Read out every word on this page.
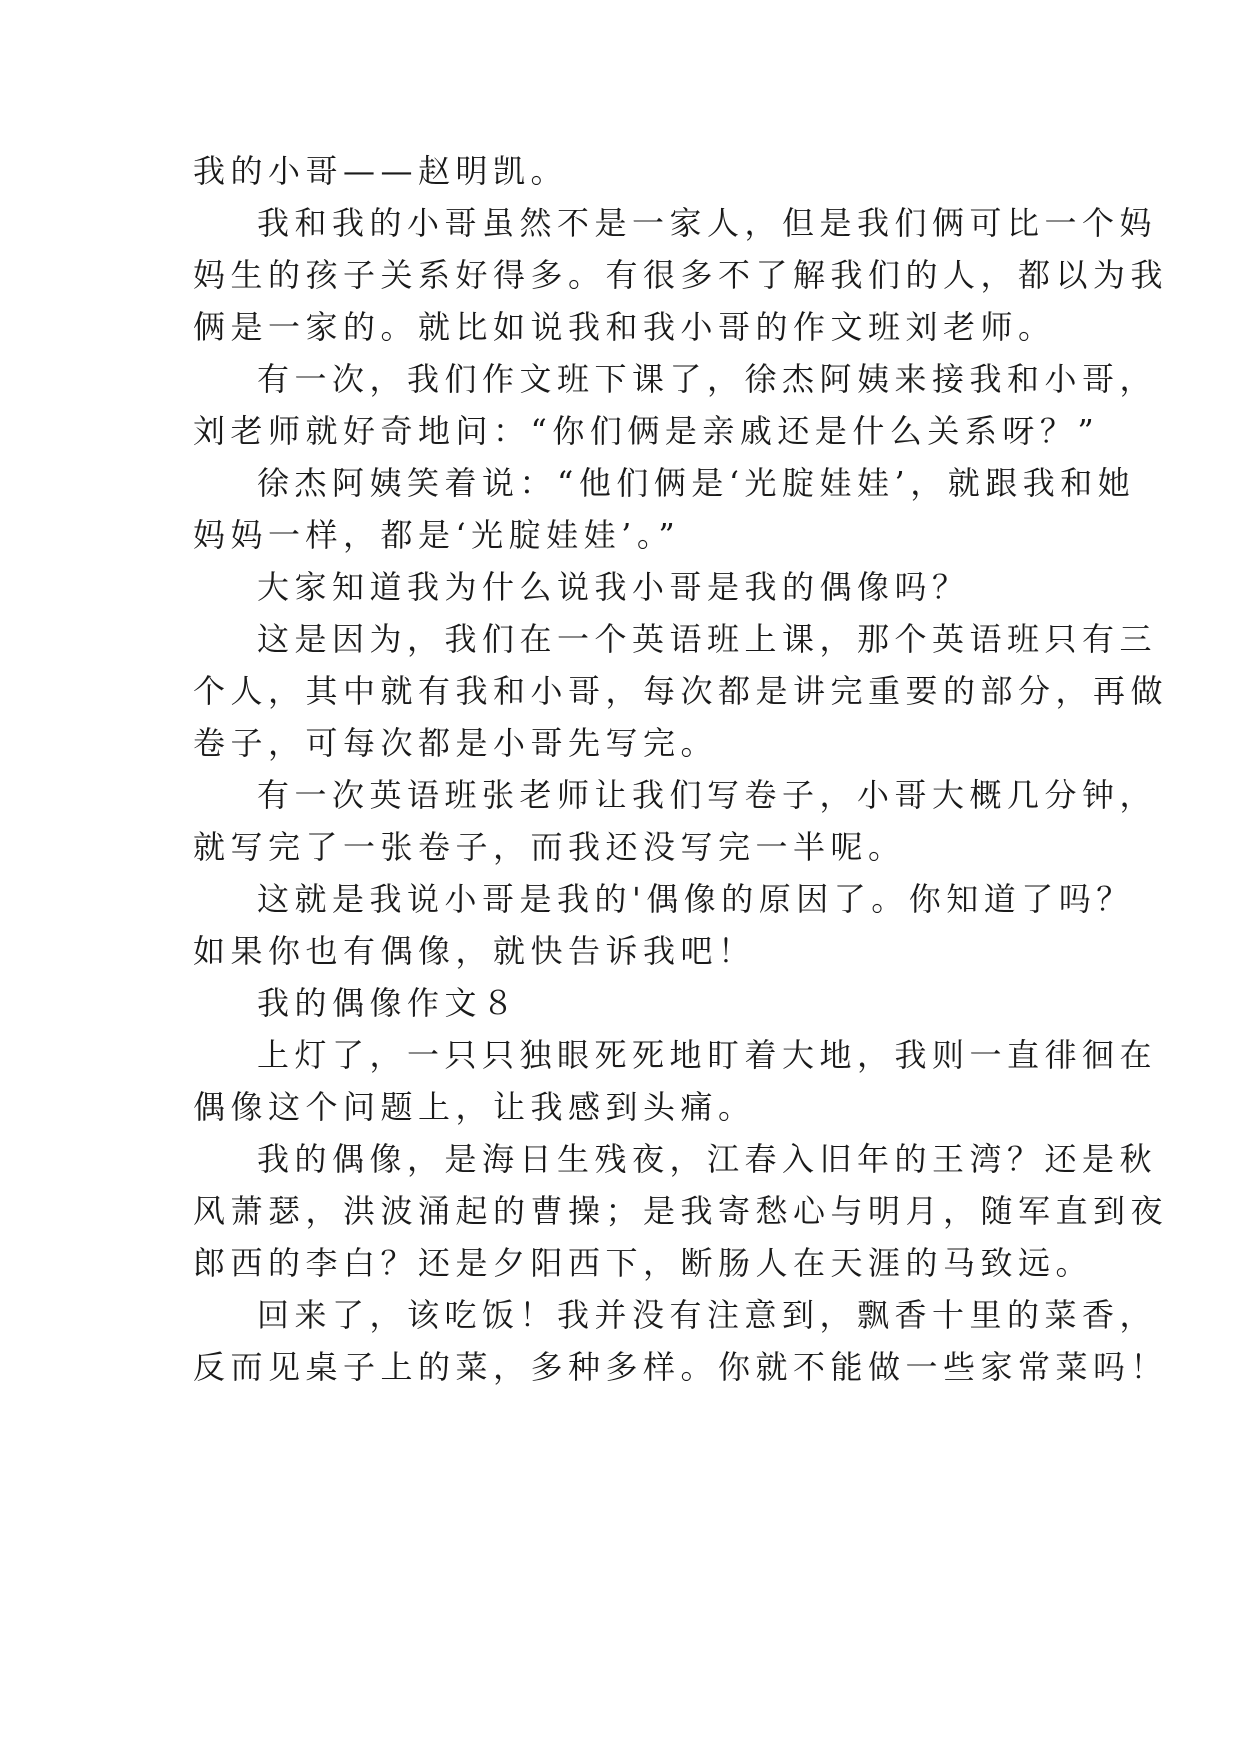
我的小哥——赵明凯。
我和我的小哥虽然不是一家人，但是我们俩可比一个妈
妈生的孩子关系好得多。有很多不了解我们的人，都以为我
俩是一家的。就比如说我和我小哥的作文班刘老师。
有一次，我们作文班下课了，徐杰阿姨来接我和小哥，
刘老师就好奇地问：“你们俩是亲戚还是什么关系呀？”
徐杰阿姨笑着说：“他们俩是‘光腚娃娃’，就跟我和她
妈妈一样，都是‘光腚娃娃’。”
大家知道我为什么说我小哥是我的偶像吗？
这是因为，我们在一个英语班上课，那个英语班只有三
个人，其中就有我和小哥，每次都是讲完重要的部分，再做
卷子，可每次都是小哥先写完。
有一次英语班张老师让我们写卷子，小哥大概几分钟，
就写完了一张卷子，而我还没写完一半呢。
这就是我说小哥是我的'偶像的原因了。你知道了吗？
如果你也有偶像，就快告诉我吧！
我的偶像作文８
上灯了，一只只独眼死死地盯着大地，我则一直徘徊在
偶像这个问题上，让我感到头痛。
我的偶像，是海日生残夜，江春入旧年的王湾？还是秋
风萧瑟，洪波涌起的曹操；是我寄愁心与明月，随军直到夜
郎西的李白？还是夕阳西下，断肠人在天涯的马致远。
回来了，该吃饭！我并没有注意到，飘香十里的菜香，
反而见桌子上的菜，多种多样。你就不能做一些家常菜吗！
